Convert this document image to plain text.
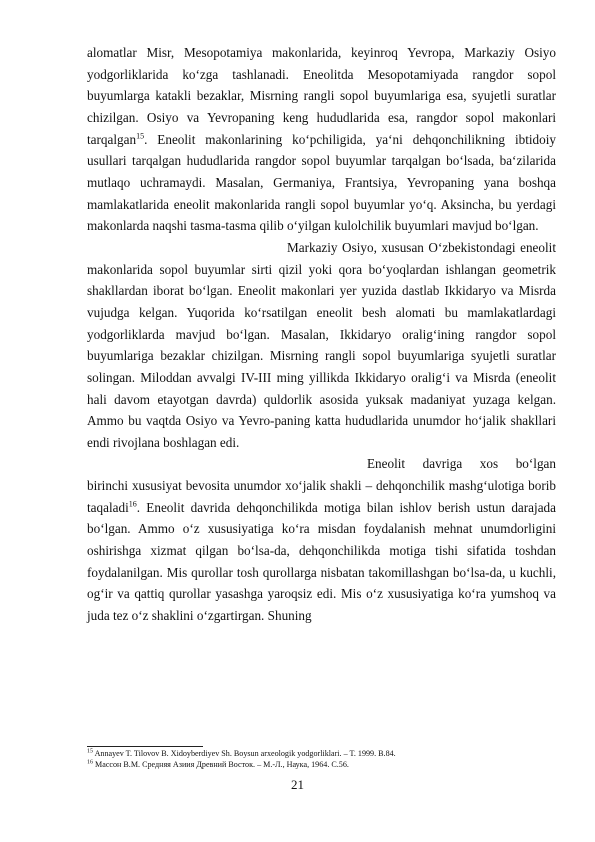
alomatlar Misr, Mesopotamiya makonlarida, keyinroq Yevropa, Markaziy Osiyo yodgorliklarida ko‘zga tashlanadi. Eneolitda Mesopotamiyada rangdor sopol buyumlarga katakli bezaklar, Misrning rangli sopol buyumlariga esa, syujetli suratlar chizilgan. Osiyo va Yevropaning keng hududlarida esa, rangdor sopol makonlari tarqalgan$^{15}$. Eneolit makonlarining ko‘pchiligida, ya‘ni dehqonchilikning ibtidoiy usullari tarqalgan hududlarida rangdor sopol buyumlar tarqalgan bo‘lsada, ba‘zilarida mutlaqo uchramaydi. Masalan, Germaniya, Frantsiya, Yevropaning yana boshqa mamlakatlarida eneolit makonlarida rangli sopol buyumlar yo‘q. Aksincha, bu yerdagi makonlarda naqshi tasma-tasma qilib o‘yilgan kulolchilik buyumlari mavjud bo‘lgan.

Markaziy Osiyo, xususan O‘zbekistondagi eneolit makonlarida sopol buyumlar sirti qizil yoki qora bo‘yoqlardan ishlangan geometrik shakllardan iborat bo‘lgan. Eneolit makonlari yer yuzida dastlab Ikkidaryo va Misrda vujudga kelgan. Yuqorida ko‘rsatilgan eneolit besh alomati bu mamlakatlardagi yodgorliklarda mavjud bo‘lgan. Masalan, Ikkidaryo oralig‘ining rangdor sopol buyumlariga bezaklar chizilgan. Misrning rangli sopol buyumlariga syujetli suratlar solingan. Miloddan avvalgi IV-III ming yillikda Ikkidaryo oralig‘i va Misrda (eneolit hali davom etayotgan davrda) quldorlik asosida yuksak madaniyat yuzaga kelgan. Ammo bu vaqtda Osiyo va Yevro-paning katta hududlarida unumdor ho‘jalik shakllari endi rivojlana boshlagan edi.

Eneolit davriga xos bo‘lgan birinchi xususiyat bevosita unumdor xo‘jalik shakli – dehqonchilik mashg‘ulotiga borib taqaladi$^{16}$. Eneolit davrida dehqonchilikda motiga bilan ishlov berish ustun darajada bo‘lgan. Ammo o‘z xususiyatiga ko‘ra misdan foydalanish mehnat unumdorligini oshirishga xizmat qilgan bo‘lsa-da, dehqonchilikda motiga tishi sifatida toshdan foydalanilgan. Mis qurollar tosh qurollarga nisbatan takomillashgan bo‘lsa-da, u kuchli, og‘ir va qattiq qurollar yasashga yaroqsiz edi. Mis o‘z xususiyatiga ko‘ra yumshoq va juda tez o‘z shaklini o‘zgartirgan. Shuning

$^{15}$ Annayev T. Tilovov B. Xidoyberdiyev Sh. Boysun arxeologik yodgorliklari. – T. 1999. B.84.

$^{16}$ Массон В.М. Средняя Азиия Древний Восток. – М.-Л., Наука, 1964. C.56.

21
